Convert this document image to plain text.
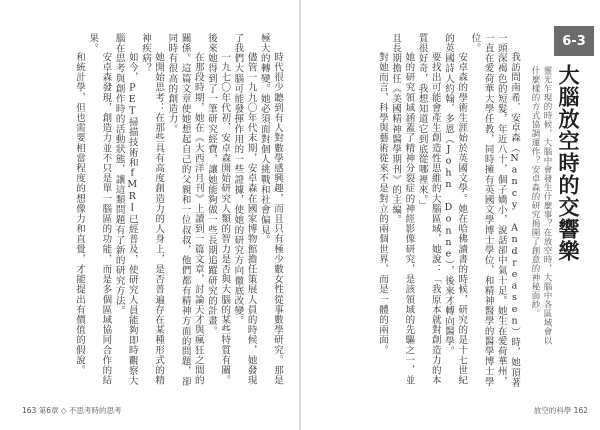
時代很少聽到有人對數學感興趣，而且只有極少數女性從事數學研究。那是極大的轉變。她必須面對個人挑戰和社會偏見。

儘管一九九〇年代末期，安卓森在國家博物館擔任策展人員的時候，她發現了我們大腦可能發揮作用的一些證據，使她的研究方向徹底改變。

一九七〇年代初，安卓森開始研究人類的智力是否與大腦的某些特質有關。後來她得到了一筆研究經費，讓她能夠做一些長期追蹤研究的計畫。

在那段時期，她在《大西洋月刊》上讀到一篇文章，討論天才與瘋狂之間的關係。這篇文章使她想起自己的父親和一位叔叔，他們都有精神方面的問題，卻同時有很高的創造力。

她開始思考：在那些具有高度創造力的人身上，是否普遍存在某種形式的精神疾病？

如今，PET掃描技術和fMRI已經普及，使研究人員能夠即時觀察大腦在思考與創作時的活動狀態，讓這類問題有了新的研究方法。

安卓森發現，創造力並不只是單一腦區的功能，而是多個區域協同合作的結果。

和統計學，但也需要相當程度的想像力和直覺，才能提出有價值的假說。

163 第6章 ◇ 不思考時的思考
6-3
大腦放空時的交響樂
靈光乍現的時候，大腦中會發生什麼事？在放空時，大腦中各區域會以什麼樣的方式協調運作？安卓森的研究揭開了創意的神秘面紗。

我訪問南希．安卓森（Nancy Andreasen）時，她頂著一頭深褐色的短髮，年近八十，個子嬌小，說話卻中氣十足。她生在愛荷華州，一直在愛荷華大學任教，同時擁有英國文學博士學位，和精神醫學的醫學博士學位。

安卓森的學術生涯始於英國文學。她在哈佛讀書的時候，研究的是十七世紀的英國詩人約翰．多恩（John Donne），後來才轉向醫學。

要找出可能會產生創造性思維的大腦區域，她說：「我原本就對創造力的本質很好奇，我想知道它到底從哪裡來。」

她的研究領域涵蓋了精神分裂症的神經影像研究，是該領域的先驅之一，並且長期擔任《美國精神醫學期刊》的主編。

對她而言，科學與藝術從來不是對立的兩個世界，而是一體的兩面。

放空的科學 162
